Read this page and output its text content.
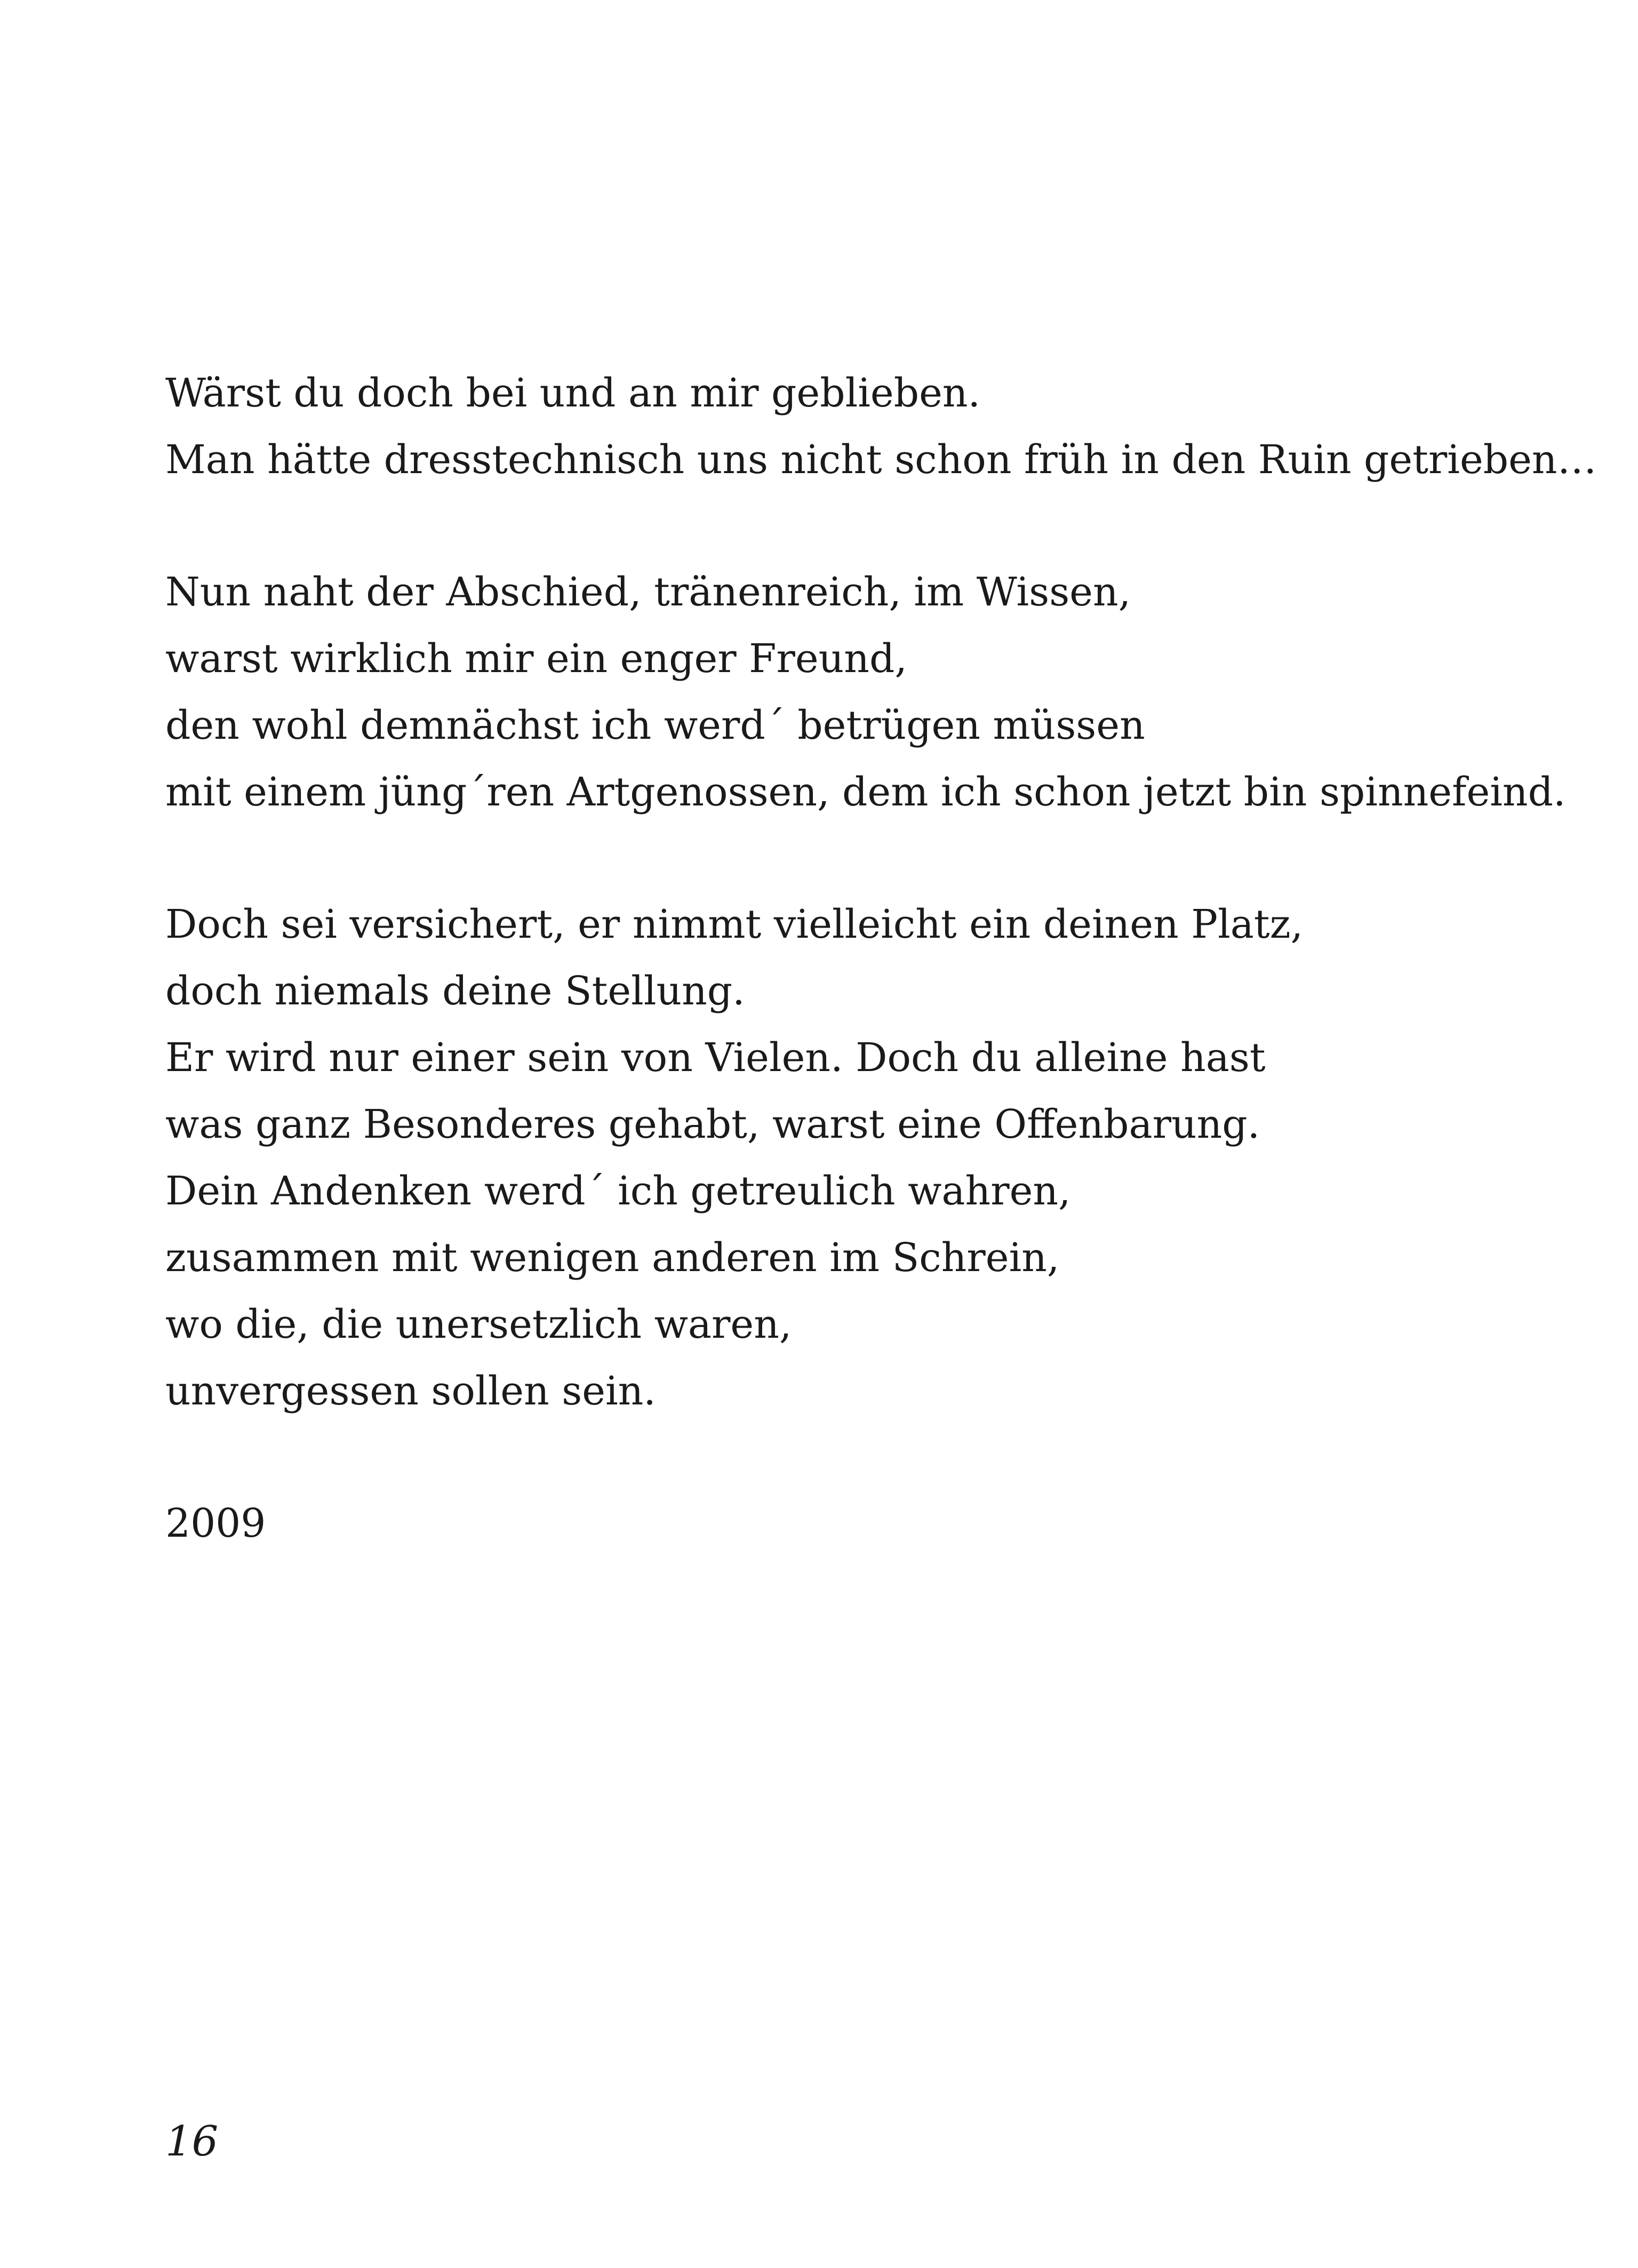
Wärst du doch bei und an mir geblieben.
Man hätte dresstechnisch uns nicht schon früh in den Ruin getrieben…
Nun naht der Abschied, tränenreich, im Wissen,
warst wirklich mir ein enger Freund,
den wohl demnächst ich werd´ betrügen müssen
mit einem jüng´ren Artgenossen, dem ich schon jetzt bin spinnefeind.
Doch sei versichert, er nimmt vielleicht ein deinen Platz,
doch niemals deine Stellung.
Er wird nur einer sein von Vielen. Doch du alleine hast
was ganz Besonderes gehabt, warst eine Offenbarung.
Dein Andenken werd´ ich getreulich wahren,
zusammen mit wenigen anderen im Schrein,
wo die, die unersetzlich waren,
unvergessen sollen sein.
2009
16
